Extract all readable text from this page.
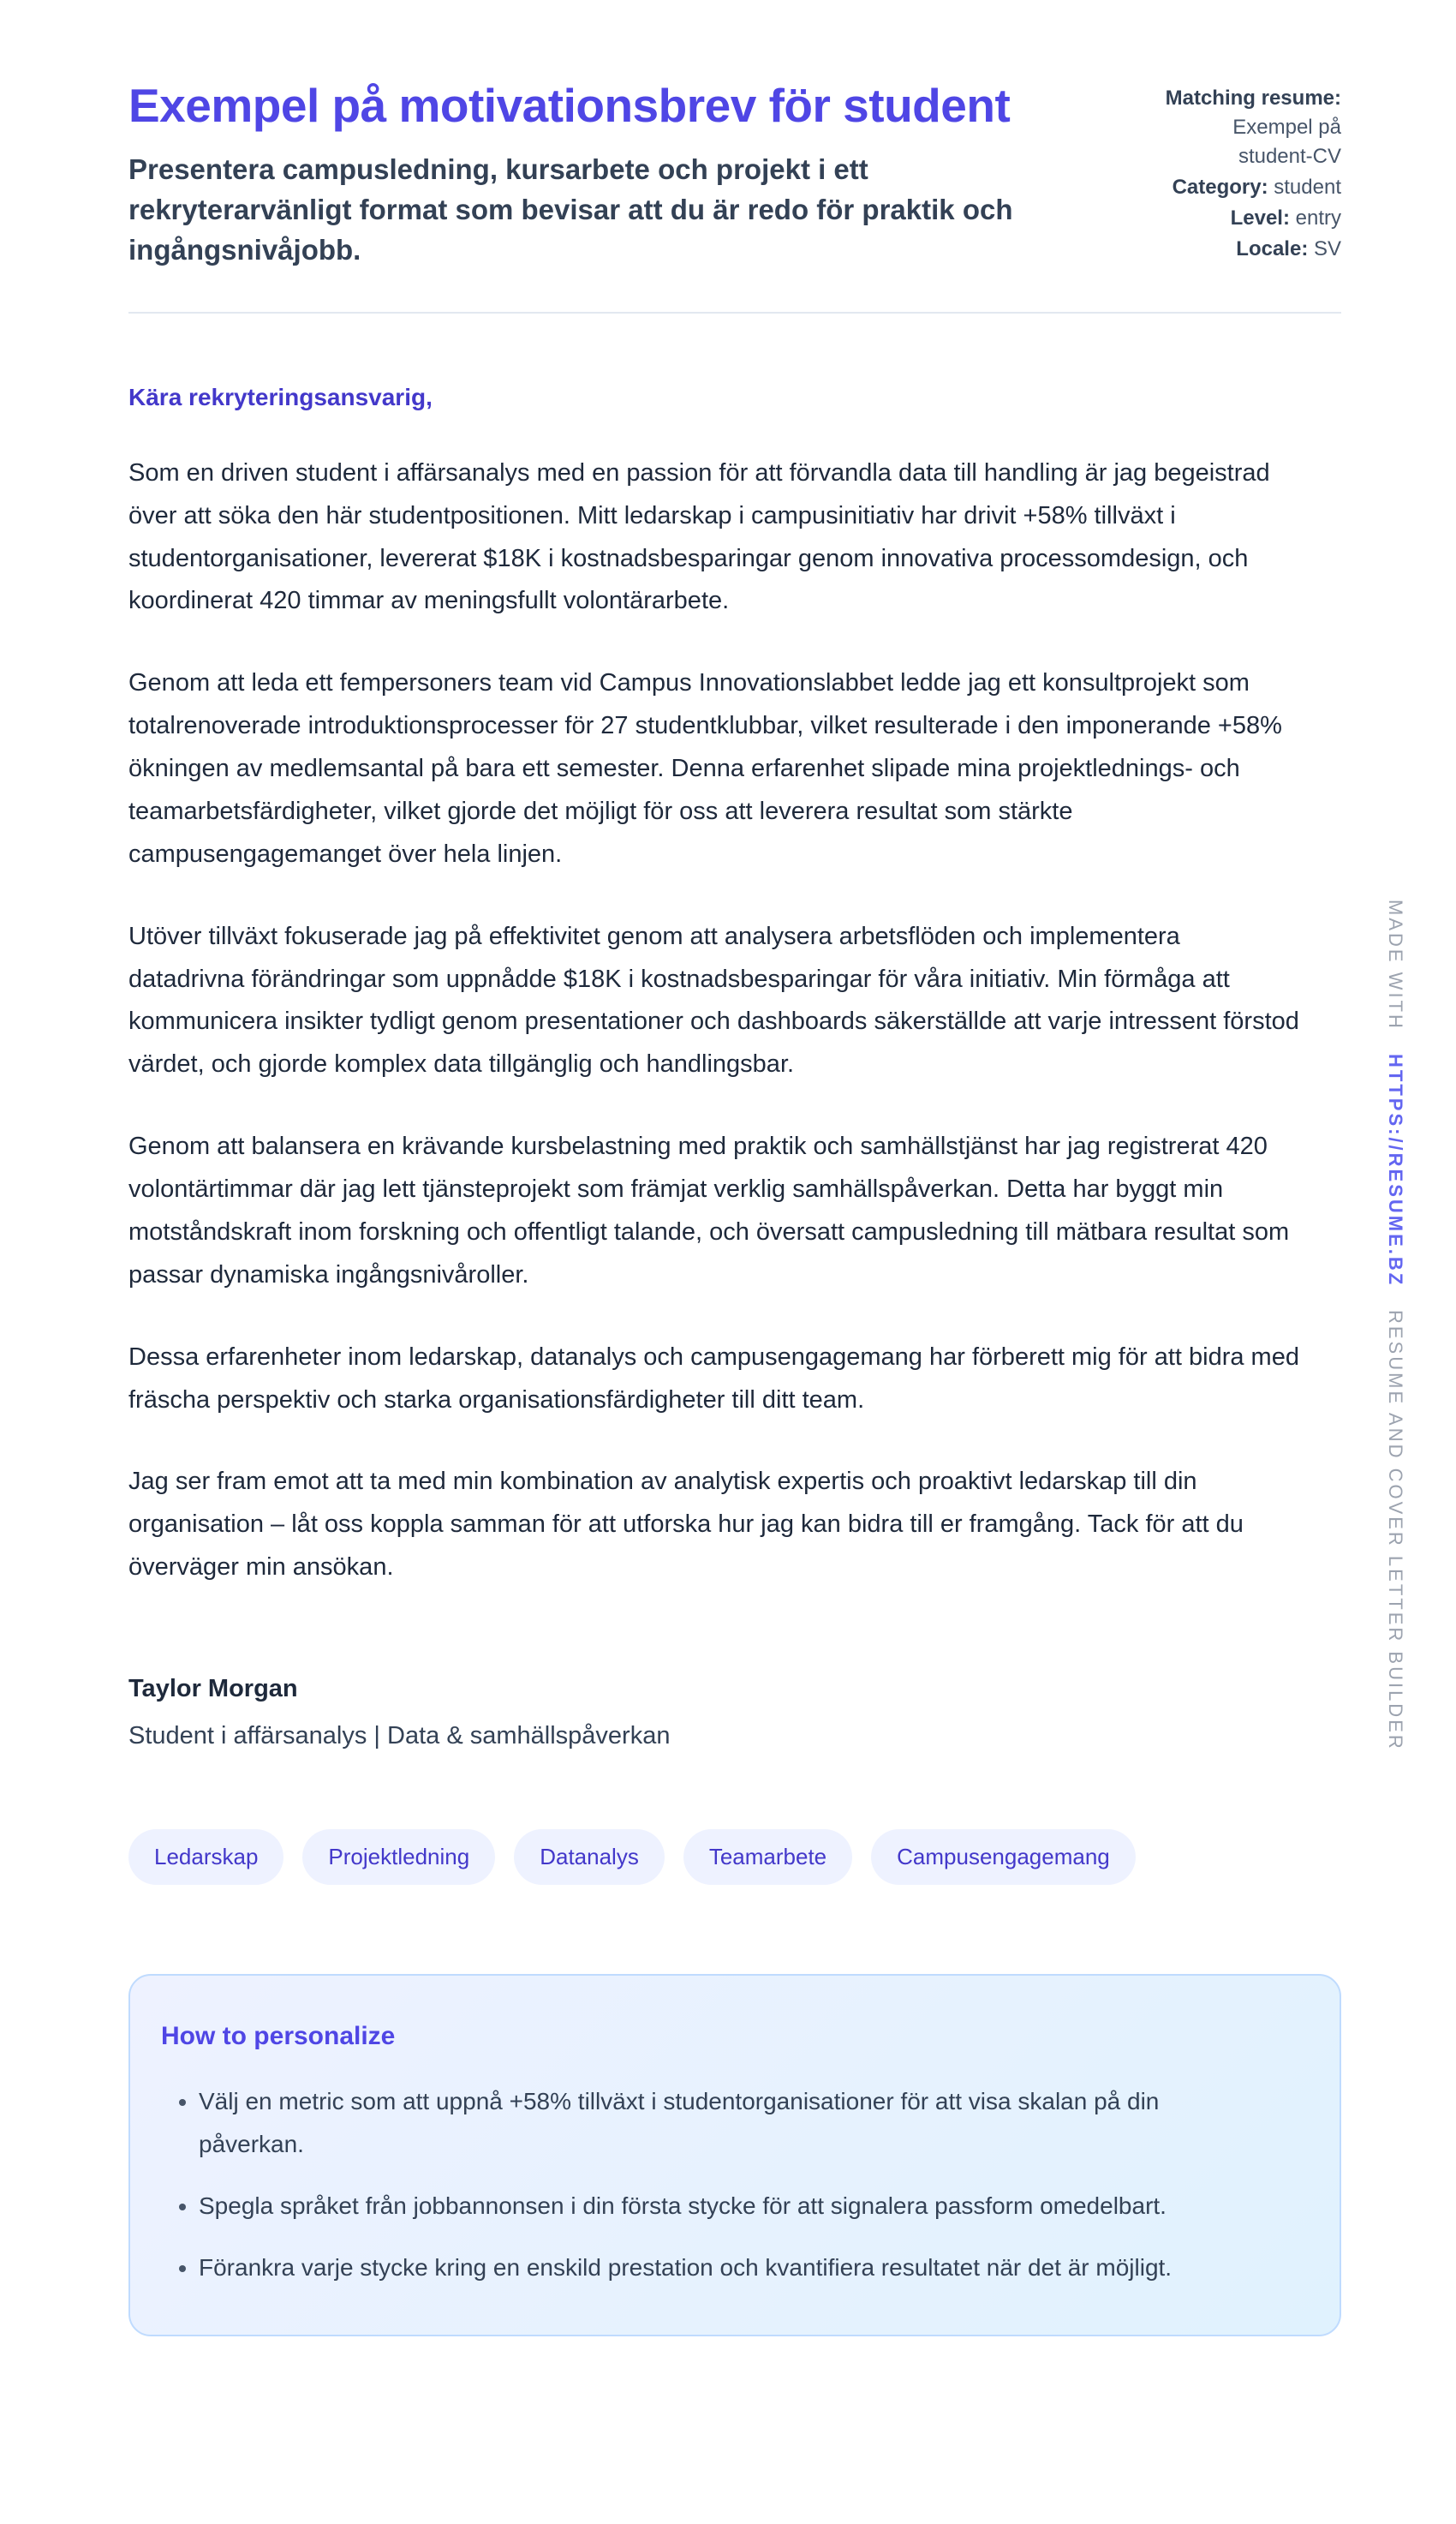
Exempel på motivationsbrev för student

Presentera campusledning, kursarbete och projekt i ett rekryterarvänligt format som bevisar att du är redo för praktik och ingångsnivåjobb.

Matching resume:
Exempel på student-CV
Category: student
Level: entry
Locale: SV

Kära rekryteringsansvarig,

Som en driven student i affärsanalys med en passion för att förvandla data till handling är jag begeistrad över att söka den här studentpositionen. Mitt ledarskap i campusinitiativ har drivit +58% tillväxt i studentorganisationer, levererat $18K i kostnadsbesparingar genom innovativa processomdesign, och koordinerat 420 timmar av meningsfullt volontärarbete.

Genom att leda ett fempersoners team vid Campus Innovationslabbet ledde jag ett konsultprojekt som totalrenoverade introduktionsprocesser för 27 studentklubbar, vilket resulterade i den imponerande +58% ökningen av medlemsantal på bara ett semester. Denna erfarenhet slipade mina projektlednings- och teamarbetsfärdigheter, vilket gjorde det möjligt för oss att leverera resultat som stärkte campusengagemanget över hela linjen.

Utöver tillväxt fokuserade jag på effektivitet genom att analysera arbetsflöden och implementera datadrivna förändringar som uppnådde $18K i kostnadsbesparingar för våra initiativ. Min förmåga att kommunicera insikter tydligt genom presentationer och dashboards säkerställde att varje intressent förstod värdet, och gjorde komplex data tillgänglig och handlingsbar.

Genom att balansera en krävande kursbelastning med praktik och samhällstjänst har jag registrerat 420 volontärtimmar där jag lett tjänsteprojekt som främjat verklig samhällspåverkan. Detta har byggt min motståndskraft inom forskning och offentligt talande, och översatt campusledning till mätbara resultat som passar dynamiska ingångsnivåroller.

Dessa erfarenheter inom ledarskap, datanalys och campusengagemang har förberett mig för att bidra med fräscha perspektiv och starka organisationsfärdigheter till ditt team.

Jag ser fram emot att ta med min kombination av analytisk expertis och proaktivt ledarskap till din organisation – låt oss koppla samman för att utforska hur jag kan bidra till er framgång. Tack för att du överväger min ansökan.

Taylor Morgan

Student i affärsanalys | Data & samhällspåverkan

Ledarskap	Projektledning	Datanalys	Teamarbete	Campusengagemang
How to personalize
• Välj en metric som att uppnå +58% tillväxt i studentorganisationer för att visa skalan på din påverkan.
• Spegla språket från jobbannonsen i din första stycke för att signalera passform omedelbart.
• Förankra varje stycke kring en enskild prestation och kvantifiera resultatet när det är möjligt.
MADE WITH HTTPS://RESUME.BZ RESUME AND COVER LETTER BUILDER
